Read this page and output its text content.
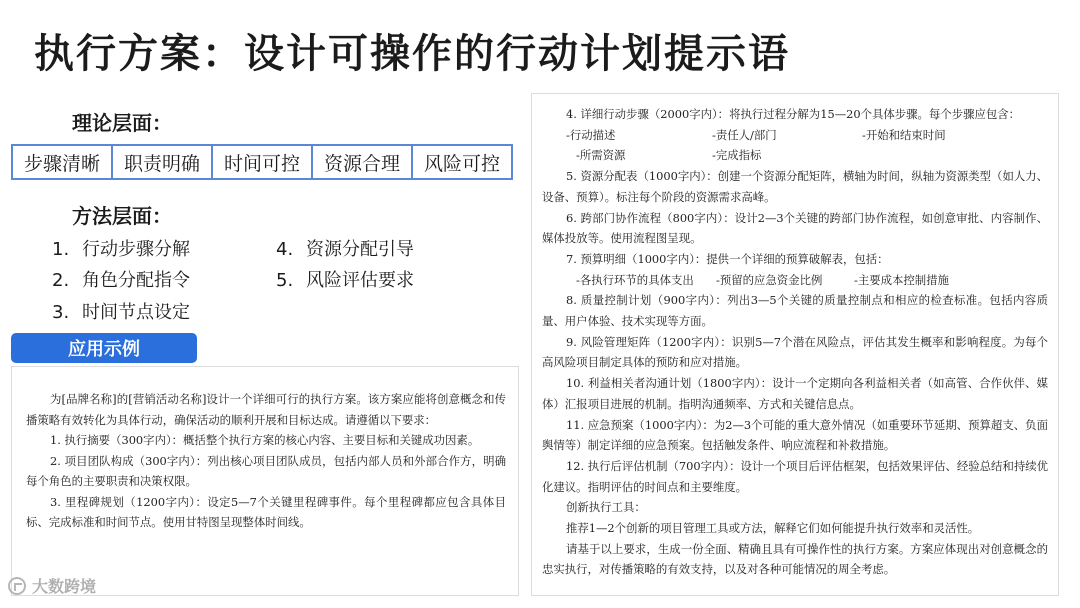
执行方案：设计可操作的行动计划提示语
理论层面：
步骤清晰	职责明确	时间可控	资源合理	风险可控
方法层面：
1. 行动步骤分解
2. 角色分配指令
3. 时间节点设定
4. 资源分配引导
5. 风险评估要求
应用示例

为[品牌名称]的[营销活动名称]设计一个详细可行的执行方案。该方案应能将创意概念和传播策略有效转化为具体行动，确保活动的顺利开展和目标达成。请遵循以下要求：

1. 执行摘要（300字内）：概括整个执行方案的核心内容、主要目标和关键成功因素。

2. 项目团队构成（300字内）：列出核心项目团队成员，包括内部人员和外部合作方，明确每个角色的主要职责和决策权限。

3. 里程碑规划（1200字内）：设定5—7个关键里程碑事件。每个里程碑都应包含具体目标、完成标准和时间节点。使用甘特图呈现整体时间线。

4. 详细行动步骤（2000字内）：将执行过程分解为15—20个具体步骤。每个步骤应包含：

-行动描述	-责任人/部门	-开始和结束时间
-所需资源	-完成指标

5. 资源分配表（1000字内）：创建一个资源分配矩阵，横轴为时间，纵轴为资源类型（如人力、设备、预算）。标注每个阶段的资源需求高峰。

6. 跨部门协作流程（800字内）：设计2—3个关键的跨部门协作流程，如创意审批、内容制作、媒体投放等。使用流程图呈现。

7. 预算明细（1000字内）：提供一个详细的预算破解表，包括：

-各执行环节的具体支出	-预留的应急资金比例	-主要成本控制措施

8. 质量控制计划（900字内）：列出3—5个关键的质量控制点和相应的检查标准。包括内容质量、用户体验、技术实现等方面。

9. 风险管理矩阵（1200字内）：识别5—7个潜在风险点，评估其发生概率和影响程度。为每个高风险项目制定具体的预防和应对措施。

10. 利益相关者沟通计划（1800字内）：设计一个定期向各利益相关者（如高管、合作伙伴、媒体）汇报项目进展的机制。指明沟通频率、方式和关键信息点。

11. 应急预案（1000字内）：为2—3个可能的重大意外情况（如重要环节延期、预算超支、负面舆情等）制定详细的应急预案。包括触发条件、响应流程和补救措施。

12. 执行后评估机制（700字内）：设计一个项目后评估框架，包括效果评估、经验总结和持续优化建议。指明评估的时间点和主要维度。

创新执行工具：

推荐1—2个创新的项目管理工具或方法，解释它们如何能提升执行效率和灵活性。

请基于以上要求，生成一份全面、精确且具有可操作性的执行方案。方案应体现出对创意概念的忠实执行，对传播策略的有效支持，以及对各种可能情况的周全考虑。

大数跨境
